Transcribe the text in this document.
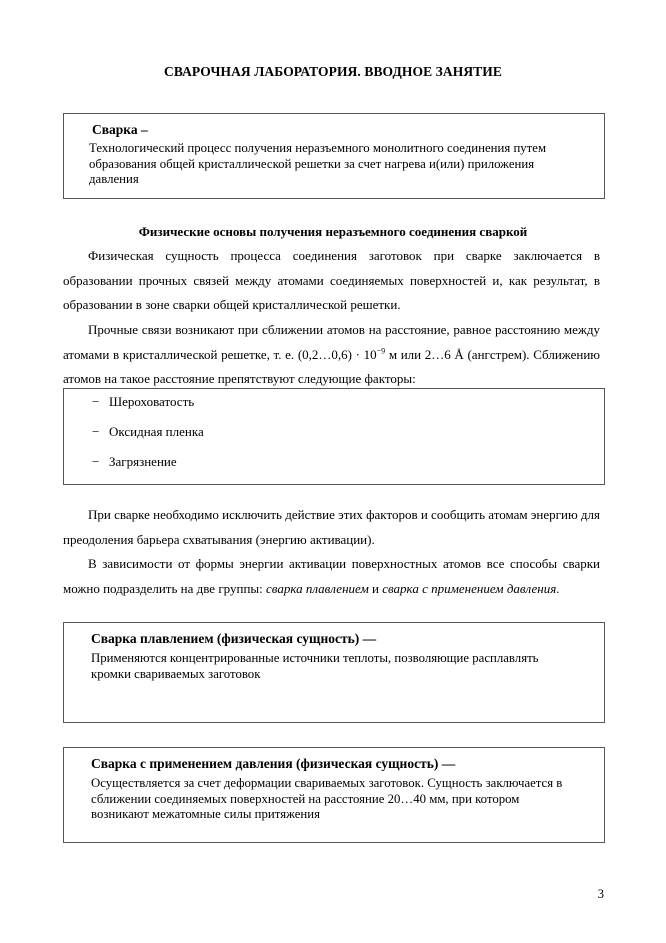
СВАРОЧНАЯ ЛАБОРАТОРИЯ. ВВОДНОЕ ЗАНЯТИЕ
Сварка –
Технологический процесс получения неразъемного монолитного соединения путем образования общей кристаллической решетки за счет нагрева и(или) приложения давления
Физические основы получения неразъемного соединения сваркой
Физическая сущность процесса соединения заготовок при сварке заключается в образовании прочных связей между атомами соединяемых поверхностей и, как результат, в образовании в зоне сварки общей кристаллической решетки.
Прочные связи возникают при сближении атомов на расстояние, равное расстоянию между атомами в кристаллической решетке, т. е. (0,2…0,6) · $10^{-9}$ м или 2…6 Å (ангстрем). Сближению атомов на такое расстояние препятствуют следующие факторы:
− Шероховатость
− Оксидная пленка
− Загрязнение
При сварке необходимо исключить действие этих факторов и сообщить атомам энергию для преодоления барьера схватывания (энергию активации).
В зависимости от формы энергии активации поверхностных атомов все способы сварки можно подразделить на две группы: сварка плавлением и сварка с применением давления.
Сварка плавлением (физическая сущность) —
Применяются концентрированные источники теплоты, позволяющие расплавлять кромки свариваемых заготовок
Сварка с применением давления (физическая сущность) —
Осуществляется за счет деформации свариваемых заготовок. Сущность заключается в сближении соединяемых поверхностей на расстояние 20…40 мм, при котором возникают межатомные силы притяжения
3
